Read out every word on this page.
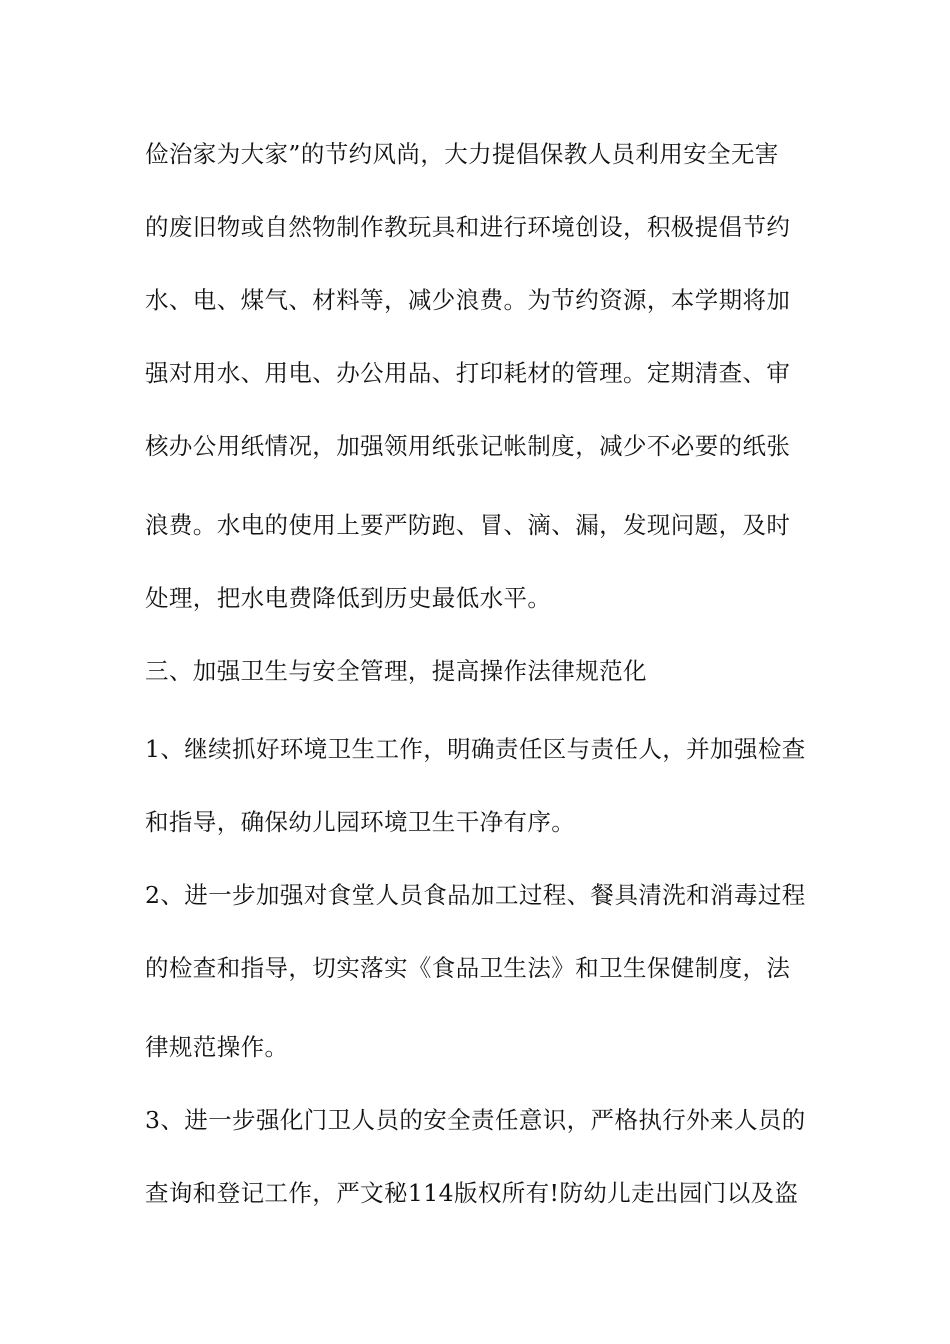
俭治家为大家”的节约风尚，大力提倡保教人员利用安全无害
的废旧物或自然物制作教玩具和进行环境创设，积极提倡节约
水、电、煤气、材料等，减少浪费。为节约资源，本学期将加
强对用水、用电、办公用品、打印耗材的管理。定期清查、审
核办公用纸情况，加强领用纸张记帐制度，减少不必要的纸张
浪费。水电的使用上要严防跑、冒、滴、漏，发现问题，及时
处理，把水电费降低到历史最低水平。
三、加强卫生与安全管理，提高操作法律规范化
1、继续抓好环境卫生工作，明确责任区与责任人，并加强检查
和指导，确保幼儿园环境卫生干净有序。
2、进一步加强对食堂人员食品加工过程、餐具清洗和消毒过程
的检查和指导，切实落实《食品卫生法》和卫生保健制度，法
律规范操作。
3、进一步强化门卫人员的安全责任意识，严格执行外来人员的
查询和登记工作，严文秘114版权所有!防幼儿走出园门以及盗
